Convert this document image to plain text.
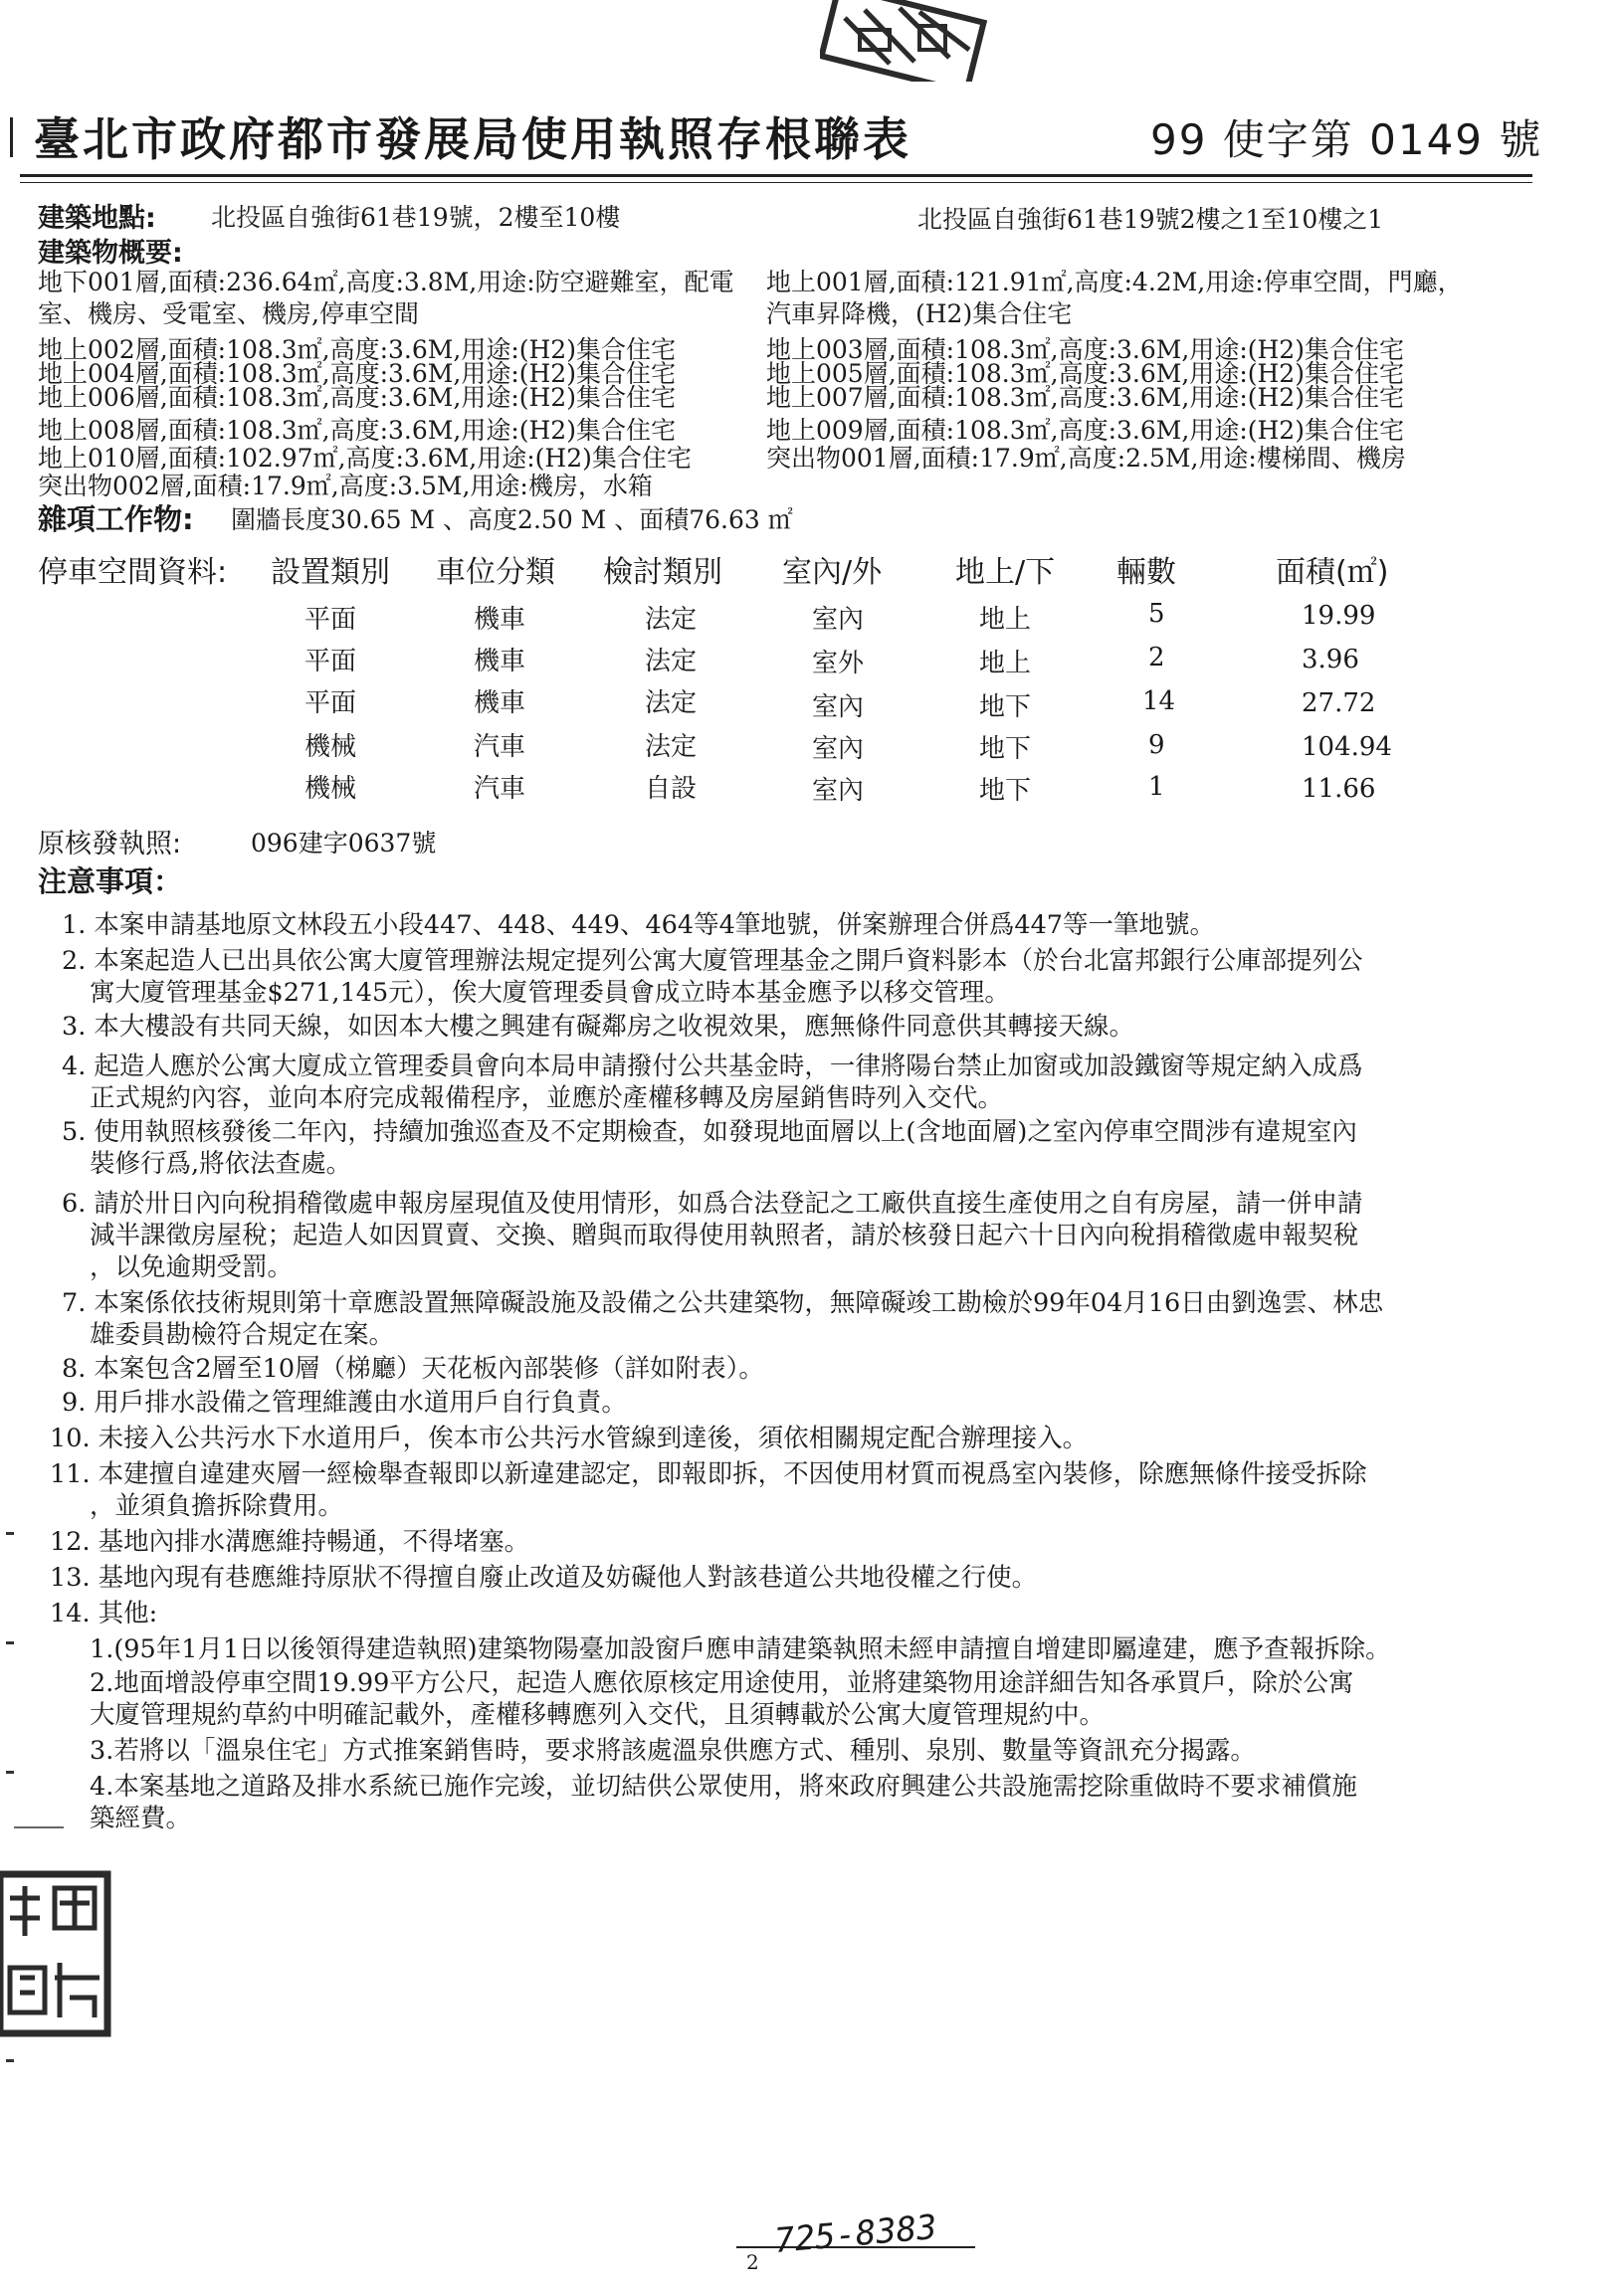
臺北市政府都市發展局使用執照存根聯表	99 使字第 0149 號
建築地點: 北投區自強街61巷19號，2樓至10樓	北投區自強街61巷19號2樓之1至10樓之1
建築物概要:
地下001層,面積:236.64㎡,高度:3.8M,用途:防空避難室，配電
室、機房、受電室、機房,停車空間
地上002層,面積:108.3㎡,高度:3.6M,用途:(H2)集合住宅
地上004層,面積:108.3㎡,高度:3.6M,用途:(H2)集合住宅
地上006層,面積:108.3㎡,高度:3.6M,用途:(H2)集合住宅
地上008層,面積:108.3㎡,高度:3.6M,用途:(H2)集合住宅
地上010層,面積:102.97㎡,高度:3.6M,用途:(H2)集合住宅
突出物002層,面積:17.9㎡,高度:3.5M,用途:機房，水箱
地上001層,面積:121.91㎡,高度:4.2M,用途:停車空間，門廳，
汽車昇降機，(H2)集合住宅
地上003層,面積:108.3㎡,高度:3.6M,用途:(H2)集合住宅
地上005層,面積:108.3㎡,高度:3.6M,用途:(H2)集合住宅
地上007層,面積:108.3㎡,高度:3.6M,用途:(H2)集合住宅
地上009層,面積:108.3㎡,高度:3.6M,用途:(H2)集合住宅
突出物001層,面積:17.9㎡,高度:2.5M,用途:樓梯間、機房
雜項工作物: 圍牆長度30.65 M 、高度2.50 M 、面積76.63 ㎡
停車空間資料: 設置類別 車位分類 檢討類別 室內/外 地上/下 輛數	面積(㎡)
平面	機車	法定	室內	地上	5	19.99
平面	機車	法定	室外	地上	2	3.96
平面	機車	法定	室內	地下	14	27.72
機械	汽車	法定	室內	地下	9	104.94
機械	汽車	自設	室內	地下	1	11.66
原核發執照:	096建字0637號
注意事項：
1. 本案申請基地原文林段五小段447、448、449、464等4筆地號，併案辦理合併爲447等一筆地號。
2. 本案起造人已出具依公寓大廈管理辦法規定提列公寓大廈管理基金之開戶資料影本（於台北富邦銀行公庫部提列公
寓大廈管理基金$271,145元），俟大廈管理委員會成立時本基金應予以移交管理。
3. 本大樓設有共同天線，如因本大樓之興建有礙鄰房之收視效果，應無條件同意供其轉接天線。
4. 起造人應於公寓大廈成立管理委員會向本局申請撥付公共基金時，一律將陽台禁止加窗或加設鐵窗等規定納入成爲
正式規約內容，並向本府完成報備程序，並應於產權移轉及房屋銷售時列入交代。
5. 使用執照核發後二年內，持續加強巡查及不定期檢查，如發現地面層以上(含地面層)之室內停車空間涉有違規室內
裝修行爲,將依法查處。
6. 請於卅日內向稅捐稽徵處申報房屋現值及使用情形，如爲合法登記之工廠供直接生產使用之自有房屋，請一併申請
減半課徵房屋稅；起造人如因買賣、交換、贈與而取得使用執照者，請於核發日起六十日內向稅捐稽徵處申報契稅
，以免逾期受罰。
7. 本案係依技術規則第十章應設置無障礙設施及設備之公共建築物，無障礙竣工勘檢於99年04月16日由劉逸雲、林忠
雄委員勘檢符合規定在案。
8. 本案包含2層至10層（梯廳）天花板內部裝修（詳如附表）。
9. 用戶排水設備之管理維護由水道用戶自行負責。
10. 未接入公共污水下水道用戶，俟本市公共污水管線到達後，須依相關規定配合辦理接入。
11. 本建擅自違建夾層一經檢舉查報即以新違建認定，即報即拆，不因使用材質而視爲室內裝修，除應無條件接受拆除
，並須負擔拆除費用。
12. 基地內排水溝應維持暢通，不得堵塞。
13. 基地內現有巷應維持原狀不得擅自廢止改道及妨礙他人對該巷道公共地役權之行使。
14. 其他:
1.(95年1月1日以後領得建造執照)建築物陽臺加設窗戶應申請建築執照未經申請擅自增建即屬違建，應予查報拆除。
2.地面增設停車空間19.99平方公尺，起造人應依原核定用途使用，並將建築物用途詳細告知各承買戶，除於公寓
大廈管理規約草約中明確記載外，產權移轉應列入交代，且須轉載於公寓大廈管理規約中。
3.若將以「溫泉住宅」方式推案銷售時，要求將該處溫泉供應方式、種別、泉別、數量等資訊充分揭露。
4.本案基地之道路及排水系統已施作完竣，並切結供公眾使用，將來政府興建公共設施需挖除重做時不要求補償施
築經費。
2
725-8383
